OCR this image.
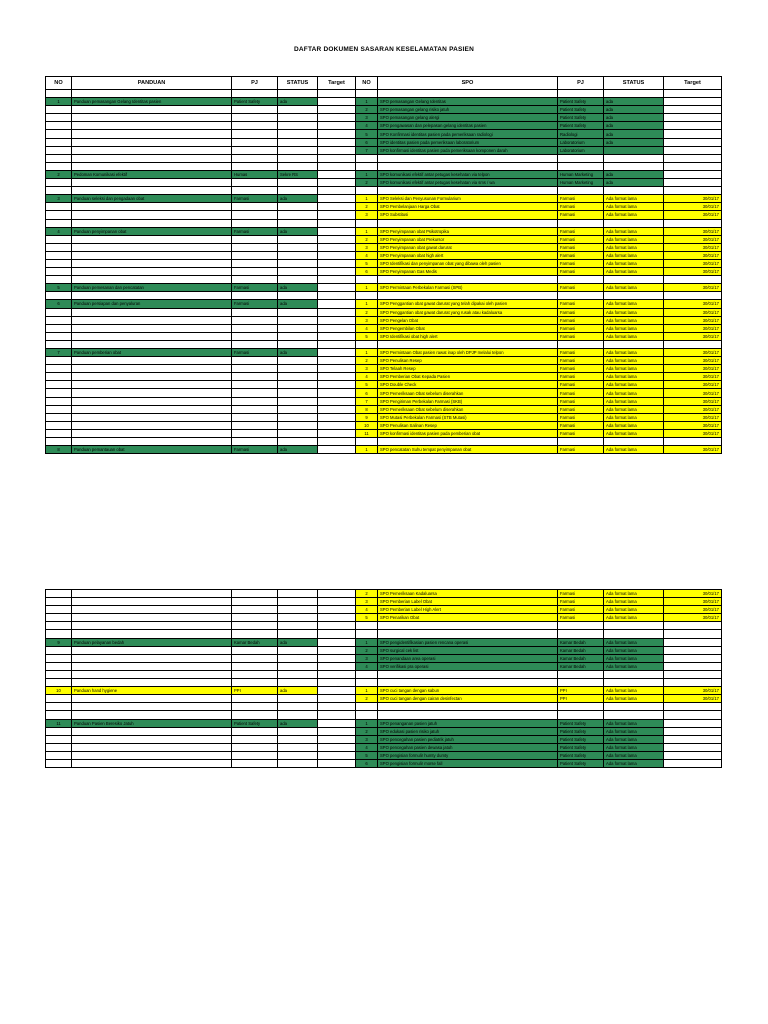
DAFTAR DOKUMEN SASARAN KESELAMATAN PASIEN
NO	PANDUAN	PJ	STATUS	Target	NO	SPO	PJ	STATUS	Target

1	Panduan pemasangan Gelang Identitas pasien	Patient Safety	ada		1	SPO pemasangan Gelang Identitas	Patient Safety	ada	
					2	SPO pemasangan gelang risiko jatuh	Patient Safety	ada	
					3	SPO pemasangan gelang alergi	Patient Safety	ada	
					4	SPO pengawasan dan pelepasan gelang identitas pasien	Patient Safety	ada	
					5	SPO Konfirmasi identitas pasien pada pemeriksaan radiologi	Radiologi	ada	
					6	SPO identitas pasien pada pemeriksaan laboratorium	Laboratorium	ada	
					7	SPO konfirmasi identitas pasien pada pemeriksaan komponen darah	Laboratorium		

2	Pedoman Komunikasi efektif	Humas	Sekre RS		1	SPO komunikasi efektif antar petugas kesehatan via telpon	Human Marketing	ada	
					2	SPO komunikasi efektif antar petugas kesehatan via sms / wa	Human Marketing	ada	

3	Panduan seleksi dan pengadaan obat	Farmasi	ada		1	SPO Seleksi dan Penyusunan Formularium	Farmasi	Ada format lama	30/01/17
					2	SPO Pembelanjaan Harga Obat	Farmasi	Ada format lama	30/01/17
					3	SPO Substitusi	Farmasi	Ada format lama	30/01/17

4	Panduan penyimpanan obat	Farmasi	ada		1	SPO Penyimpanan obat Psikotropika	Farmasi	Ada format lama	30/01/17
					2	SPO Penyimpanan obat Prekursor	Farmasi	Ada format lama	30/01/17
					3	SPO Penyimpanan obat gawat darurat	Farmasi	Ada format lama	30/01/17
					4	SPO Penyimpanan obat high alert	Farmasi	Ada format lama	30/01/17
					5	SPO Identifikasi dan penyimpanan obat yang dibawa oleh pasien	Farmasi	Ada format lama	30/01/17
					6	SPO Penyimpanan Gas Medis	Farmasi	Ada format lama	30/01/17

5	Panduan pemesanan dan pencatatan	Farmasi	ada		1	SPO Permintaan Perbekalan Farmasi (SPB)	Farmasi	Ada format lama	30/01/17

6	Panduan persiapan dan penyaluran	Farmasi	ada		1	SPO Penggantian obat gawat darurat yang telah dipakai oleh pasien	Farmasi	Ada format lama	30/01/17
					2	SPO Penggantian obat gawat darurat yang rusak atau kadaluarsa	Farmasi	Ada format lama	30/01/17
					3	SPO Pengelan Obat	Farmasi	Ada format lama	30/01/17
					4	SPO Pengembilan Obat	Farmasi	Ada format lama	30/01/17
					5	SPO Identifikasi obat high alert	Farmasi	Ada format lama	30/01/17

7	Panduan pemberian obat	Farmasi	ada		1	SPO Permintaan Obat pasien rawat inap oleh DPJP melalui telpon	Farmasi	Ada format lama	30/01/17
					2	SPO Penulisan Resep	Farmasi	Ada format lama	30/01/17
					3	SPO Telaah Resep	Farmasi	Ada format lama	30/01/17
					4	SPO Pemberian Obat Kepada Pasien	Farmasi	Ada format lama	30/01/17
					5	SPO Double Check	Farmasi	Ada format lama	30/01/17
					6	SPO Pemeriksaan Obat sebelum diserahkan	Farmasi	Ada format lama	30/01/17
					7	SPO Pengiriman Perbekalan Farmasi (SKB)	Farmasi	Ada format lama	30/01/17
					8	SPO Pemeriksaan Obat sebelum diserahkan	Farmasi	Ada format lama	30/01/17
					9	SPO Mutasi Perbekalan Farmasi (STB Mutasi)	Farmasi	Ada format lama	30/01/17
					10	SPO Penulisan Salinan Resep	Farmasi	Ada format lama	30/01/17
					11	SPO konfirmasi identitas pasien pada pemberian obat	Farmasi	Ada format lama	30/01/17

8	Panduan pemantauan obat	Farmasi	ada		1	SPO pencatatan Suhu tempat penyimpanan obat	Farmasi	Ada format lama	30/01/17
					2	SPO Pemeriksaan Kadaluarsa	Farmasi	Ada format lama	30/01/17
					3	SPO Pemberian Label Obat	Farmasi	Ada format lama	30/01/17
					4	SPO Pemberian Label High Alert	Farmasi	Ada format lama	30/01/17
					5	SPO Penarikan Obat	Farmasi	Ada format lama	30/01/17

9	Panduan pelayanan bedah	Kamar Bedah	ada		1	SPO pengidentifikasian pasien rencana operasi	Kamar Bedah	Ada format lama	
					2	SPO surgical cek list	Kamar Bedah	Ada format lama	
					3	SPO penandaan area operasi	Kamar Bedah	Ada format lama	
					4	SPO verifikasi pra operasi	Kamar Bedah	Ada format lama	

10	Panduan hand hygiene	PPI	ada		1	SPO cuci tangan dengan sabun	PPI	Ada format lama	30/01/17
					2	SPO cuci tangan dengan cairan desinfectan	PPI	Ada format lama	30/01/17

11	Panduan Pasien Beresiko Jatuh	Patient Safety	ada		1	SPO penanganan pasien jatuh	Patient Safety	Ada format lama	
					2	SPO edukasi pasien risiko jatuh	Patient Safety	Ada format lama	
					3	SPO pencegahan pasien pediatrik jatuh	Patient Safety	Ada format lama	
					4	SPO pencegahan pasien dewasa jatuh	Patient Safety	Ada format lama	
					5	SPO pengisian formulir humty dumty	Patient Safety	Ada format lama	
					6	SPO pengisian formulir morse fall	Patient Safety	Ada format lama	
